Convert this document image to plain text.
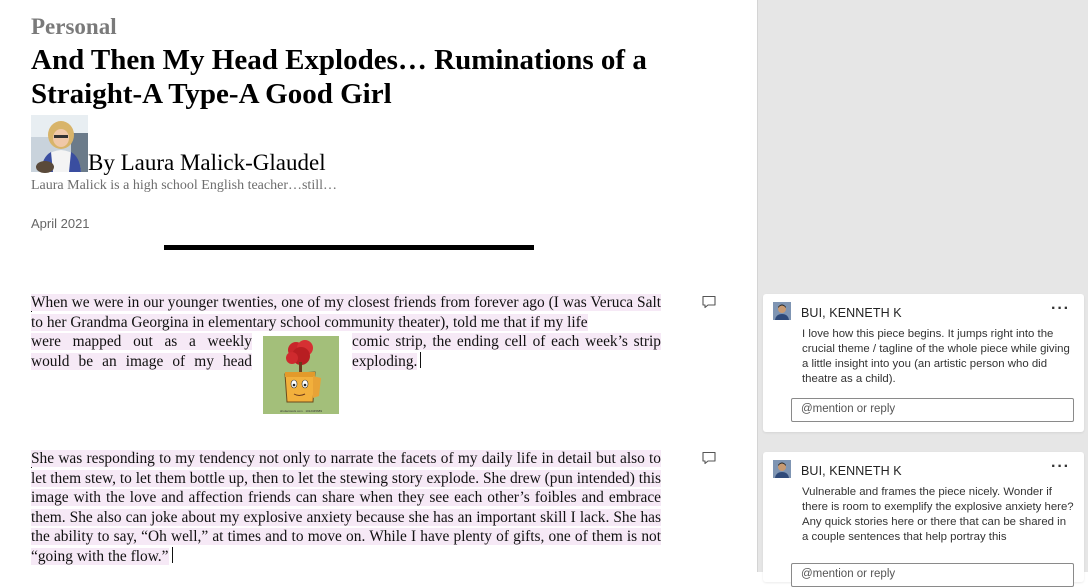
Personal
And Then My Head Explodes… Ruminations of a Straight-A Type-A Good Girl
By Laura Malick-Glaudel
Laura Malick is a high school English teacher…still…
April 2021
When we were in our younger twenties, one of my closest friends from forever ago (I was Veruca Salt to her Grandma Georgina in elementary school community theater), told me that if my life
were mapped out as a weekly would be an image of my head
shutterstock.com · 1012345689
comic strip, the ending cell of each week’s strip exploding.
She was responding to my tendency not only to narrate the facets of my daily life in detail but also to let them stew, to let them bottle up, then to let the stewing story explode. She drew (pun intended) this image with the love and affection friends can share when they see each other’s foibles and embrace them. She also can joke about my explosive anxiety because she has an important skill I lack. She has the ability to say, “Oh well,” at times and to move on. While I have plenty of gifts, one of them is not “going with the flow.”
BUI, KENNETH K	···
I love how this piece begins. It jumps right into the crucial theme / tagline of the whole piece while giving a little insight into you (an artistic person who did theatre as a child).
@mention or reply
BUI, KENNETH K	···
Vulnerable and frames the piece nicely. Wonder if there is room to exemplify the explosive anxiety here? Any quick stories here or there that can be shared in a couple sentences that help portray this
@mention or reply
